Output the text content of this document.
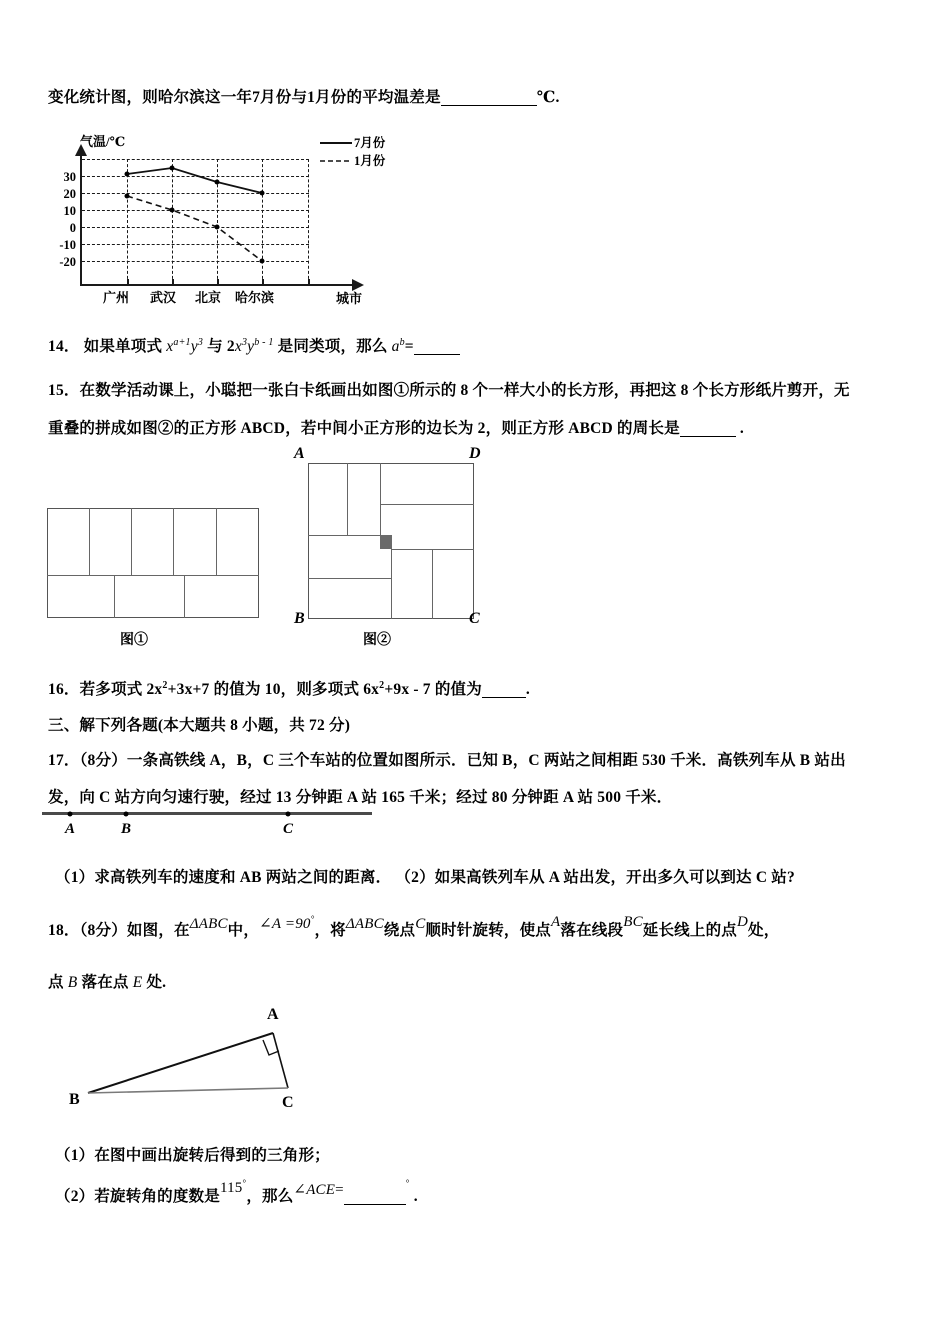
变化统计图，则哈尔滨这一年7月份与1月份的平均温差是	℃.
气温/℃
城市
30
20
10
0
-10
-20
广州 武汉 北京 哈尔滨
7月份
1月份
14． 如果单项式 $x^{a+1}y^3$ 与 $2x^3y^{b - 1}$ 是同类项，那么 $a^b=$
15．在数学活动课上，小聪把一张白卡纸画出如图①所示的 8 个一样大小的长方形，再把这 8 个长方形纸片剪开，无
重叠的拼成如图②的正方形 ABCD，若中间小正方形的边长为 2，则正方形 ABCD 的周长是	.
图①
A	D
B	C
图②
16．若多项式 $2x^2+3x+7$ 的值为 10，则多项式 $6x^2+9x - 7$ 的值为	.
三、解下列各题(本大题共 8 小题，共 72 分)
17．（8分）一条高铁线 A，B，C 三个车站的位置如图所示．已知 B，C 两站之间相距 530 千米．高铁列车从 B 站出
发，向 C 站方向匀速行驶，经过 13 分钟距 A 站 165 千米；经过 80 分钟距 A 站 500 千米．
A	B	C
（1）求高铁列车的速度和 AB 两站之间的距离． （2）如果高铁列车从 A 站出发，开出多久可以到达 C 站?
18．（8分）如图，在ΔABC中，∠A =90°，将ΔABC绕点C顺时针旋转，使点A落在线段BC延长线上的点D处，
点 B 落在点 E 处.
A
B	C
（1）在图中画出旋转后得到的三角形；
（2）若旋转角的度数是115°，那么∠ACE=	° .
